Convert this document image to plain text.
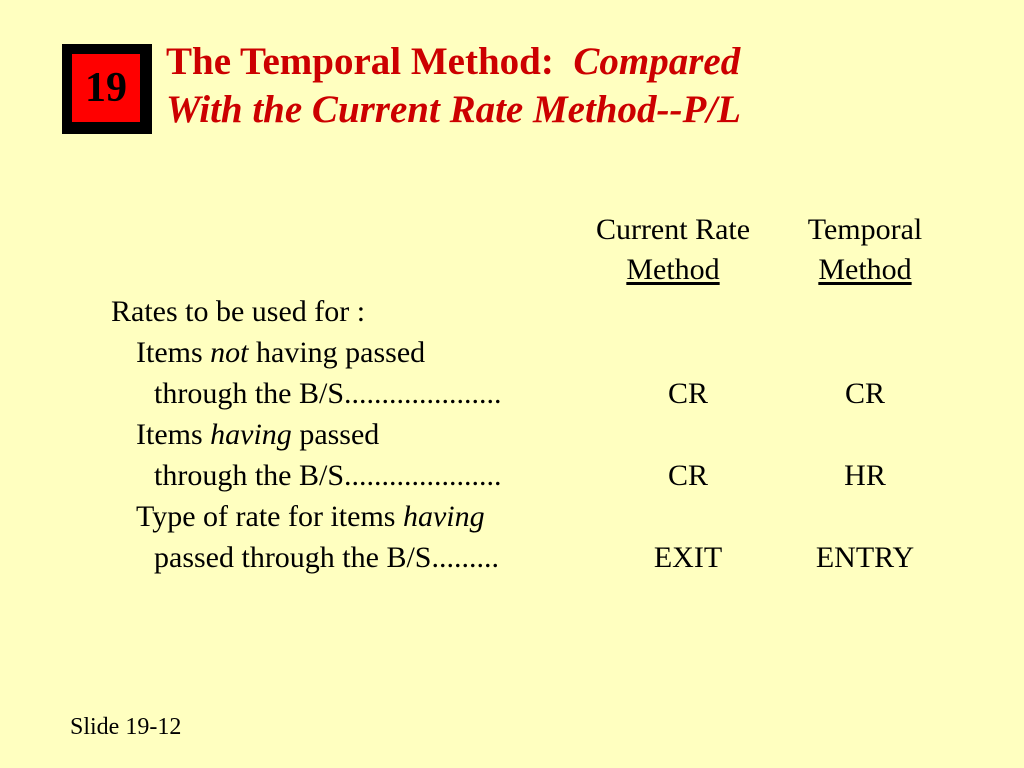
19
The Temporal Method: Compared
With the Current Rate Method--P/L
Current Rate
Method
Temporal
Method
Rates to be used for :
Items not having passed
through the B/S.....................	CR	CR
Items having passed
through the B/S.....................	CR	HR
Type of rate for items having
passed through the B/S.........	EXIT	ENTRY
Slide 19-12
